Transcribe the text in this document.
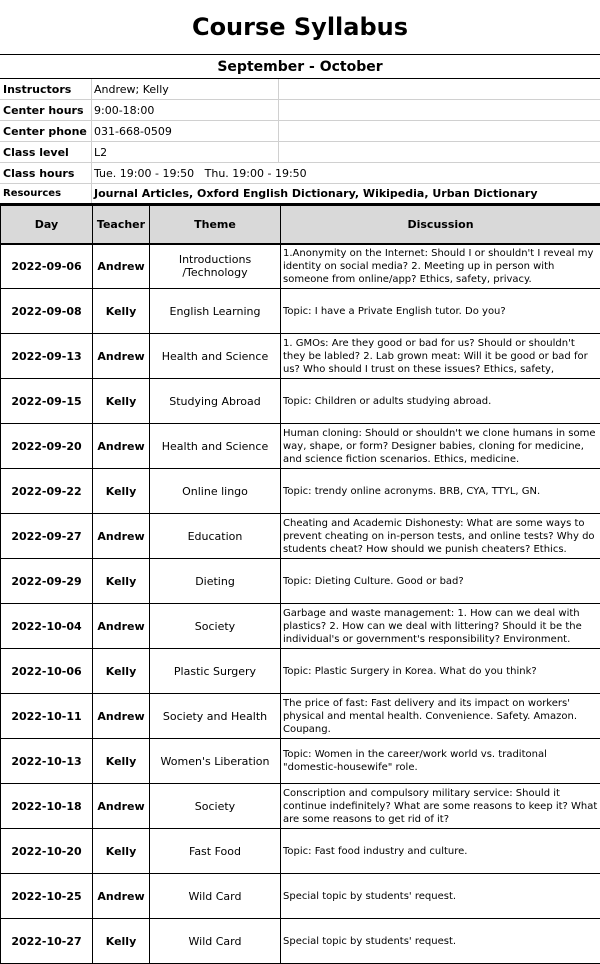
Course Syllabus
September - October
Instructors	Andrew; Kelly
Center hours 9:00-18:00
Center phone 031-668-0509
Class level	L2
Class hours	Tue. 19:00 - 19:50   Thu. 19:00 - 19:50
Resources	Journal Articles, Oxford English Dictionary, Wikipedia, Urban Dictionary
Day	Teacher	Theme	Discussion
2022-09-06	Andrew	Introductions /Technology	1.Anonymity on the Internet: Should I or shouldn't I reveal my identity on social media? 2. Meeting up in person with someone from online/app? Ethics, safety, privacy.
2022-09-08	Kelly	English Learning	Topic: I have a Private English tutor. Do you?
2022-09-13	Andrew	Health and Science	1. GMOs: Are they good or bad for us? Should or shouldn't they be labled? 2. Lab grown meat: Will it be good or bad for us? Who should I trust on these issues? Ethics, safety,
2022-09-15	Kelly	Studying Abroad	Topic: Children or adults studying abroad.
2022-09-20	Andrew	Health and Science	Human cloning: Should or shouldn't we clone humans in some way, shape, or form? Designer babies, cloning for medicine, and science fiction scenarios. Ethics, medicine.
2022-09-22	Kelly	Online lingo	Topic: trendy online acronyms. BRB, CYA, TTYL, GN.
2022-09-27	Andrew	Education	Cheating and Academic Dishonesty: What are some ways to prevent cheating on in-person tests, and online tests? Why do students cheat? How should we punish cheaters? Ethics.
2022-09-29	Kelly	Dieting	Topic: Dieting Culture. Good or bad?
2022-10-04	Andrew	Society	Garbage and waste management: 1. How can we deal with plastics? 2. How can we deal with littering? Should it be the individual's or government's responsibility? Environment.
2022-10-06	Kelly	Plastic Surgery	Topic: Plastic Surgery in Korea. What do you think?
2022-10-11	Andrew	Society and Health	The price of fast: Fast delivery and its impact on workers' physical and mental health. Convenience. Safety. Amazon. Coupang.
2022-10-13	Kelly	Women's Liberation	Topic: Women in the career/work world vs. traditonal "domestic-housewife" role.
2022-10-18	Andrew	Society	Conscription and compulsory military service: Should it continue indefinitely? What are some reasons to keep it? What are some reasons to get rid of it?
2022-10-20	Kelly	Fast Food	Topic: Fast food industry and culture.
2022-10-25	Andrew	Wild Card	Special topic by students' request.
2022-10-27	Kelly	Wild Card	Special topic by students' request.
